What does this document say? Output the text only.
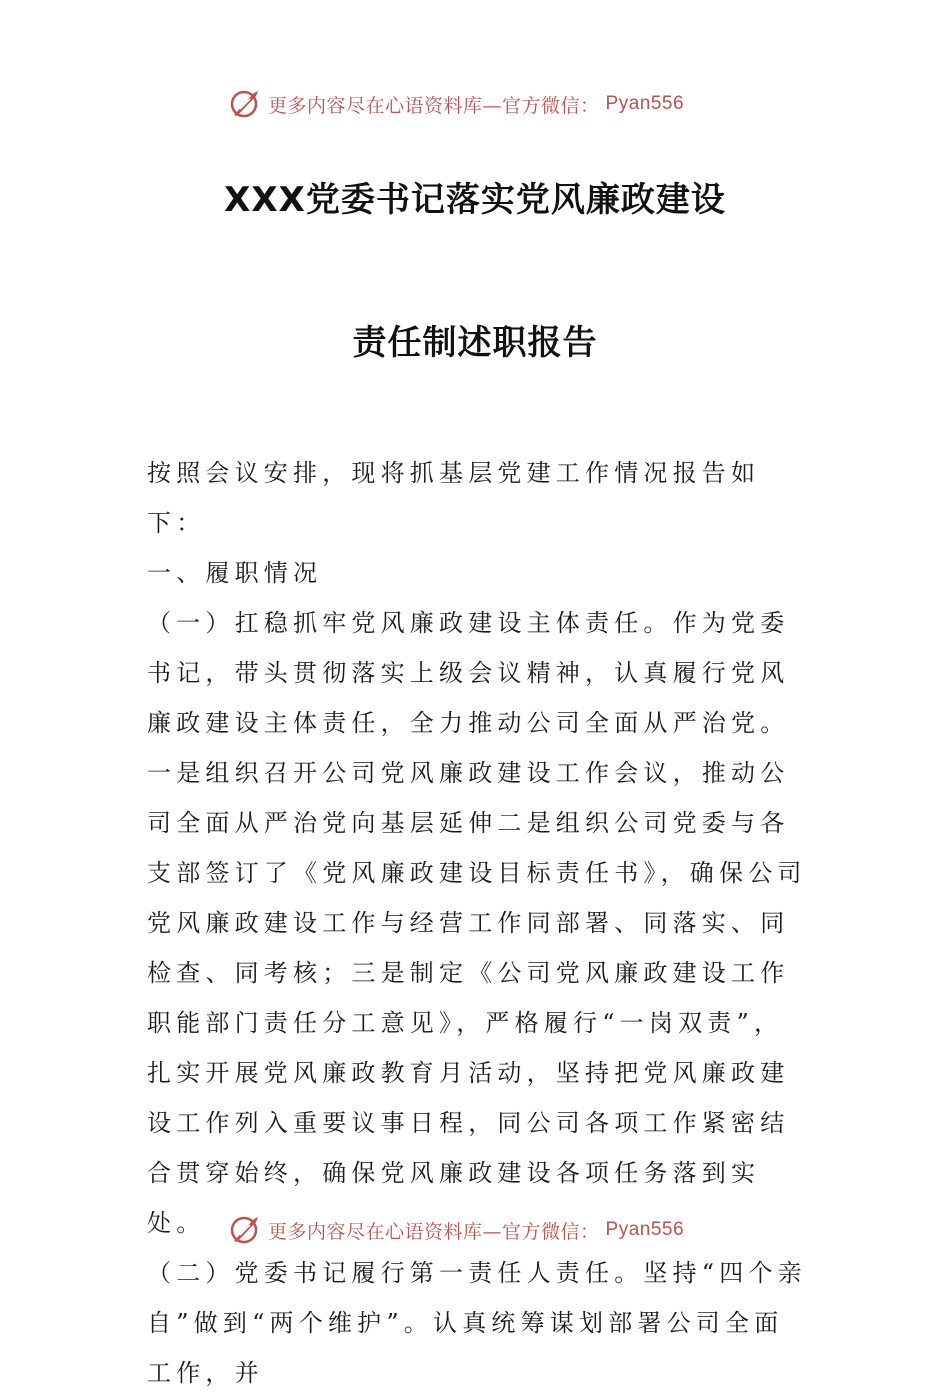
更多内容尽在心语资料库—官方微信： Pyan556
XXX党委书记落实党风廉政建设
责任制述职报告

按照会议安排，现将抓基层党建工作情况报告如下：

一、履职情况

（一）扛稳抓牢党风廉政建设主体责任。作为党委书记，带头贯彻落实上级会议精神，认真履行党风廉政建设主体责任，全力推动公司全面从严治党。一是组织召开公司党风廉政建设工作会议，推动公司全面从严治党向基层延伸二是组织公司党委与各支部签订了《党风廉政建设目标责任书》，确保公司党风廉政建设工作与经营工作同部署、同落实、同检查、同考核；三是制定《公司党风廉政建设工作职能部门责任分工意见》，严格履行“一岗双责”，扎实开展党风廉政教育月活动，坚持把党风廉政建设工作列入重要议事日程，同公司各项工作紧密结合贯穿始终，确保党风廉政建设各项任务落到实处。

（二）党委书记履行第一责任人责任。坚持“四个亲自”做到“两个维护”。认真统筹谋划部署公司全面工作，并

更多内容尽在心语资料库—官方微信： Pyan556
